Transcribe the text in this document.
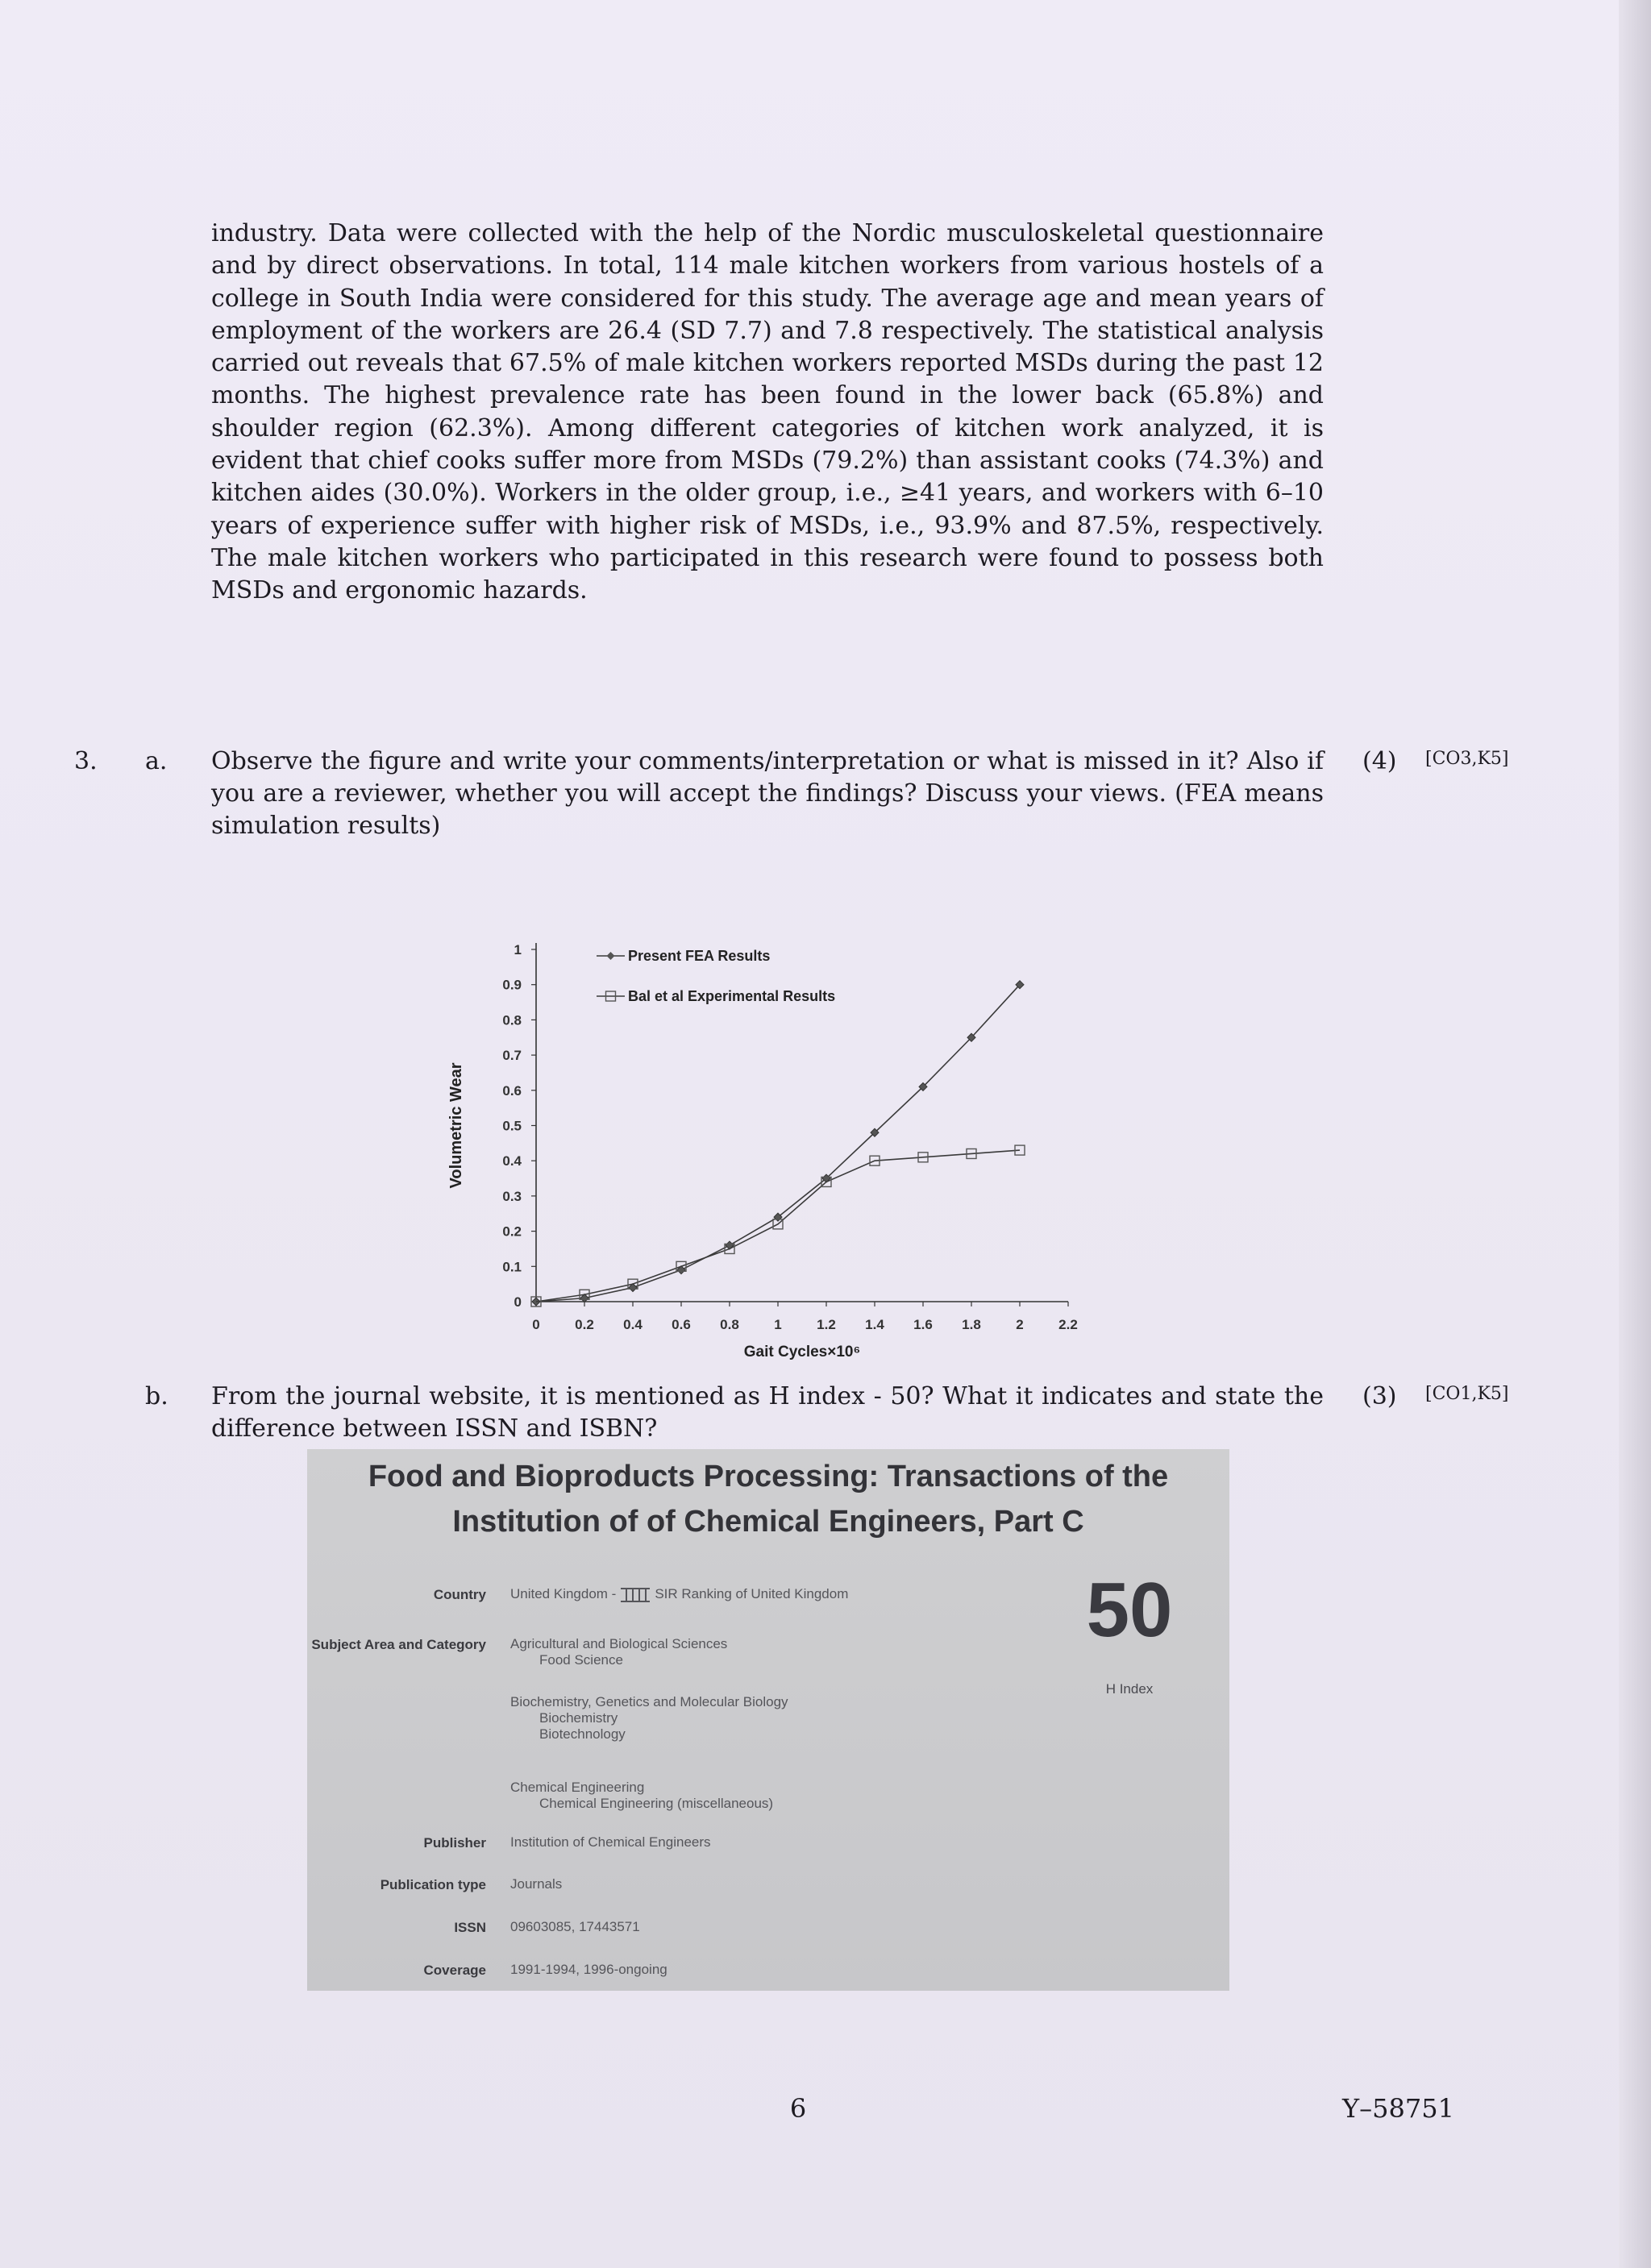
industry. Data were collected with the help of the Nordic musculoskeletal questionnaire and by direct observations. In total, 114 male kitchen workers from various hostels of a college in South India were considered for this study. The average age and mean years of employment of the workers are 26.4 (SD 7.7) and 7.8 respectively. The statistical analysis carried out reveals that 67.5% of male kitchen workers reported MSDs during the past 12 months. The highest prevalence rate has been found in the lower back (65.8%) and shoulder region (62.3%). Among different categories of kitchen work analyzed, it is evident that chief cooks suffer more from MSDs (79.2%) than assistant cooks (74.3%) and kitchen aides (30.0%). Workers in the older group, i.e., ≥41 years, and workers with 6–10 years of experience suffer with higher risk of MSDs, i.e., 93.9% and 87.5%, respectively. The male kitchen workers who participated in this research were found to possess both MSDs and ergonomic hazards.

3. a. Observe the figure and write your comments/interpretation or what is missed in it? Also if you are a reviewer, whether you will accept the findings? Discuss your views. (FEA means simulation results)
(4) [CO3,K5]
0	0.2 0.4 0.6 0.8	1	1.2 1.4 1.6 1.8	2	2.2
0
0.1
0.2
0.3
0.4
0.5
0.6
0.7
0.8
0.9
1	Present FEA Results
Bal et al Experimental Results
Gait Cycles×10⁶
Volumetric Wear
b. From the journal website, it is mentioned as H index - 50? What it indicates and state the difference between ISSN and ISBN?
(3) [CO1,K5]
Food and Bioproducts Processing: Transactions of the Institution of of Chemical Engineers, Part C
Country United Kingdom -	SIR Ranking of United Kingdom
Subject Area and Category Agricultural and Biological Sciences
Food Science
Biochemistry, Genetics and Molecular Biology
Biochemistry
Biotechnology
Chemical Engineering
Chemical Engineering (miscellaneous)
Publisher Institution of Chemical Engineers
Publication type Journals
ISSN 09603085, 17443571
Coverage 1991-1994, 1996-ongoing
50
H Index
6	Y–58751
